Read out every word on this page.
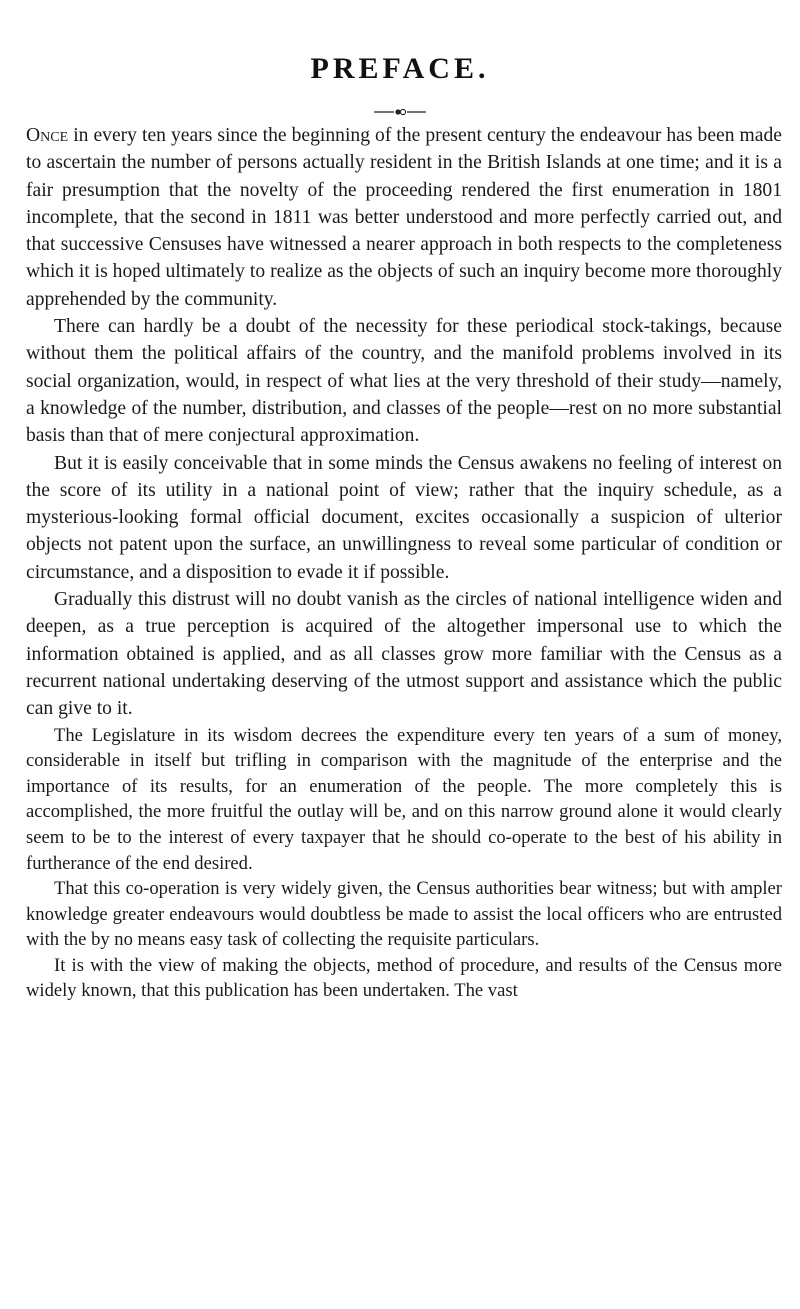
PREFACE.

Once in every ten years since the beginning of the present century the endeavour has been made to ascertain the number of persons actually resident in the British Islands at one time; and it is a fair presumption that the novelty of the proceeding rendered the first enumeration in 1801 incomplete, that the second in 1811 was better understood and more perfectly carried out, and that successive Censuses have witnessed a nearer approach in both respects to the completeness which it is hoped ultimately to realize as the objects of such an inquiry become more thoroughly apprehended by the community.

There can hardly be a doubt of the necessity for these periodical stock-takings, because without them the political affairs of the country, and the manifold problems involved in its social organization, would, in respect of what lies at the very threshold of their study—namely, a knowledge of the number, distribution, and classes of the people—rest on no more substantial basis than that of mere conjectural approximation.

But it is easily conceivable that in some minds the Census awakens no feeling of interest on the score of its utility in a national point of view; rather that the inquiry schedule, as a mysterious-looking formal official document, excites occasionally a suspicion of ulterior objects not patent upon the surface, an unwillingness to reveal some particular of condition or circumstance, and a disposition to evade it if possible.

Gradually this distrust will no doubt vanish as the circles of national intelligence widen and deepen, as a true perception is acquired of the altogether impersonal use to which the information obtained is applied, and as all classes grow more familiar with the Census as a recurrent national undertaking deserving of the utmost support and assistance which the public can give to it.

The Legislature in its wisdom decrees the expenditure every ten years of a sum of money, considerable in itself but trifling in comparison with the magnitude of the enterprise and the importance of its results, for an enumeration of the people. The more completely this is accomplished, the more fruitful the outlay will be, and on this narrow ground alone it would clearly seem to be to the interest of every taxpayer that he should co-operate to the best of his ability in furtherance of the end desired.

That this co-operation is very widely given, the Census authorities bear witness; but with ampler knowledge greater endeavours would doubtless be made to assist the local officers who are entrusted with the by no means easy task of collecting the requisite particulars.

It is with the view of making the objects, method of procedure, and results of the Census more widely known, that this publication has been undertaken. The vast
